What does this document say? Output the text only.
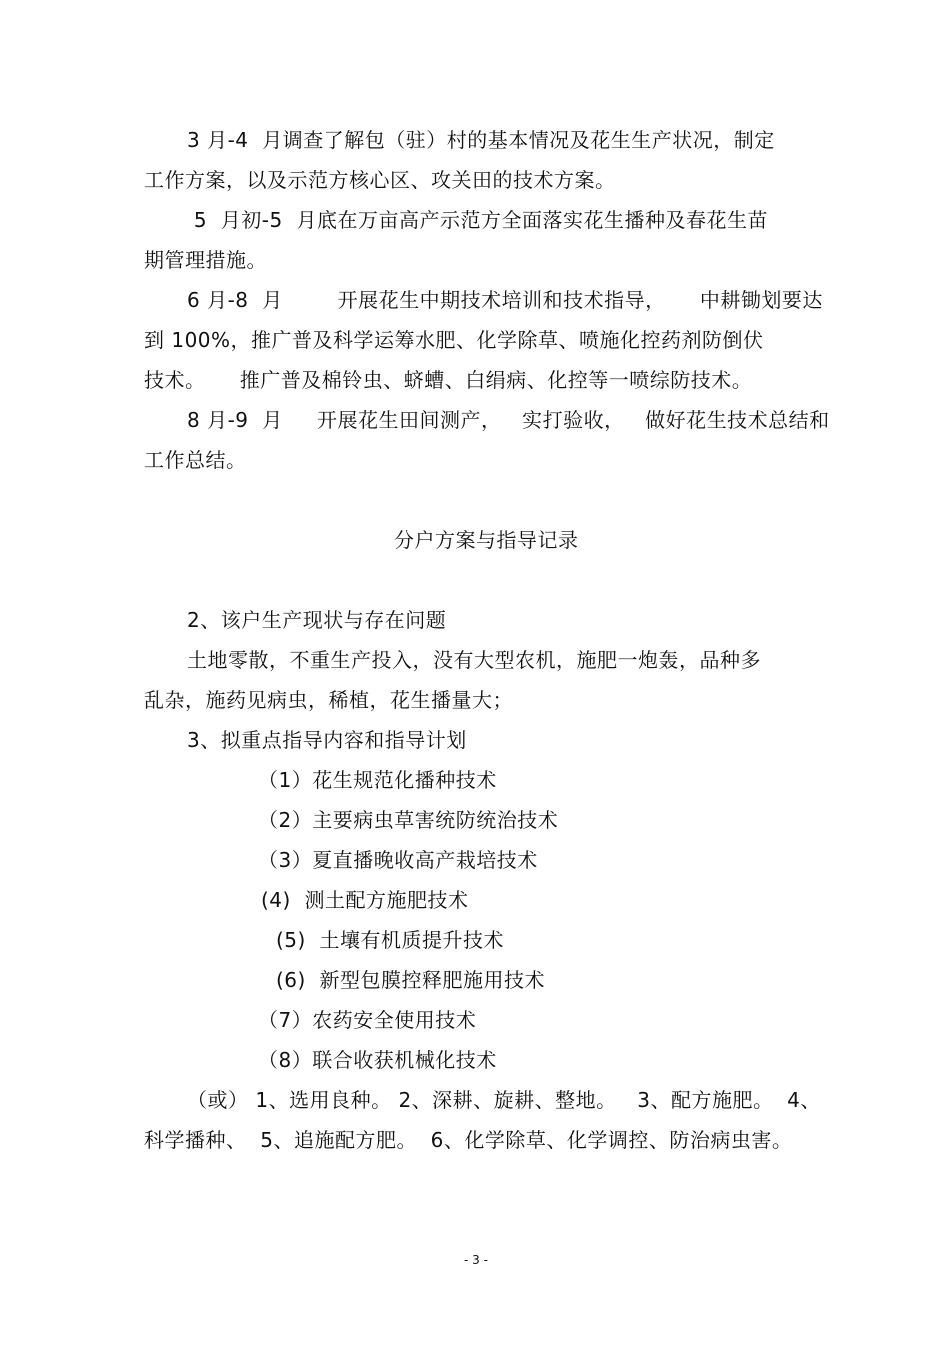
3 月-4  月调查了解包（驻）村的基本情况及花生生产状况，制定
工作方案，以及示范方核心区、攻关田的技术方案。
5  月初-5  月底在万亩高产示范方全面落实花生播种及春花生苗
期管理措施。
6 月-8  月        开展花生中期技术培训和技术指导，     中耕锄划要达
到 100%，推广普及科学运筹水肥、化学除草、喷施化控药剂防倒伏
技术。     推广普及棉铃虫、蛴螬、白绢病、化控等一喷综防技术。
8 月-9  月     开展花生田间测产，   实打验收，   做好花生技术总结和
工作总结。
分户方案与指导记录
2、该户生产现状与存在问题
土地零散，不重生产投入，没有大型农机，施肥一炮轰，品种多
乱杂，施药见病虫，稀植，花生播量大；
3、拟重点指导内容和指导计划
（1）花生规范化播种技术
（2）主要病虫草害统防统治技术
（3）夏直播晚收高产栽培技术
(4)  测土配方施肥技术
(5)  土壤有机质提升技术
(6)  新型包膜控释肥施用技术
（7）农药安全使用技术
（8）联合收获机械化技术
（或） 1、选用良种。 2、深耕、旋耕、整地。   3、配方施肥。  4、
科学播种、  5、追施配方肥。  6、化学除草、化学调控、防治病虫害。
- 3 -
